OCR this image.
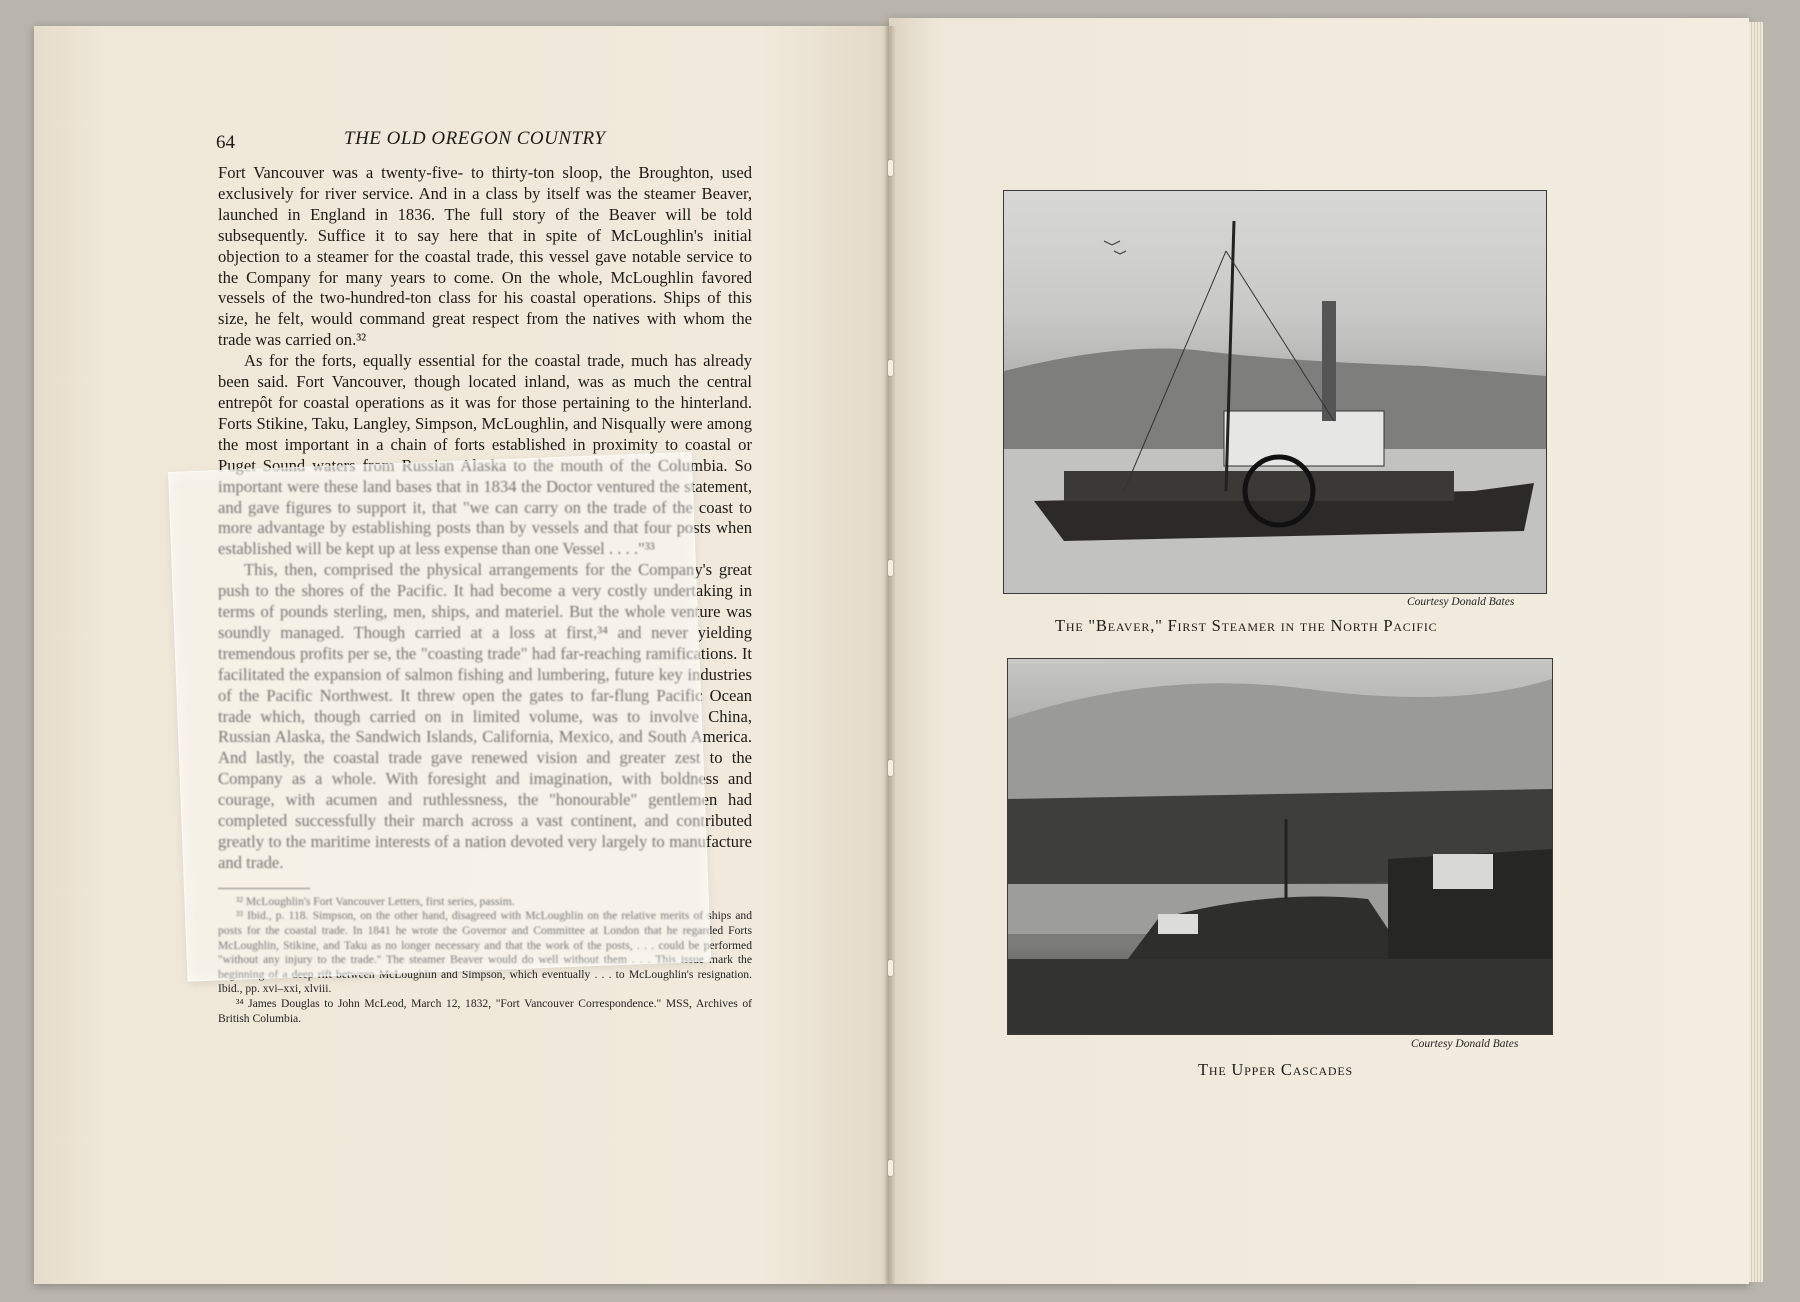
64	THE OLD OREGON COUNTRY

Fort Vancouver was a twenty-five- to thirty-ton sloop, the Broughton, used exclusively for river service. And in a class by itself was the steamer Beaver, launched in England in 1836. The full story of the Beaver will be told subsequently. Suffice it to say here that in spite of McLoughlin's initial objection to a steamer for the coastal trade, this vessel gave notable service to the Company for many years to come. On the whole, McLoughlin favored vessels of the two-hundred-ton class for his coastal operations. Ships of this size, he felt, would command great respect from the natives with whom the trade was carried on.³²

As for the forts, equally essential for the coastal trade, much has already been said. Fort Vancouver, though located inland, was as much the central entrepôt for coastal operations as it was for those pertaining to the hinterland. Forts Stikine, Taku, Langley, Simpson, McLoughlin, and Nisqually were among the most important in a chain of forts established in proximity to coastal or Puget Sound waters from Russian Alaska to the mouth of the Columbia. So important were these land bases that in 1834 the Doctor ventured the statement, and gave figures to support it, that "we can carry on the trade of the coast to more advantage by establishing posts than by vessels and that four posts when established will be kept up at less expense than one Vessel . . . ."³³

This, then, comprised the physical arrangements for the Company's great push to the shores of the Pacific. It had become a very costly undertaking in terms of pounds sterling, men, ships, and materiel. But the whole venture was soundly managed. Though carried at a loss at first,³⁴ and never yielding tremendous profits per se, the "coasting trade" had far-reaching ramifications. It facilitated the expansion of salmon fishing and lumbering, future key industries of the Pacific Northwest. It threw open the gates to far-flung Pacific Ocean trade which, though carried on in limited volume, was to involve China, Russian Alaska, the Sandwich Islands, California, Mexico, and South America. And lastly, the coastal trade gave renewed vision and greater zest to the Company as a whole. With foresight and imagination, with boldness and courage, with acumen and ruthlessness, the "honourable" gentlemen had completed successfully their march across a vast continent, and contributed greatly to the maritime interests of a nation devoted very largely to manufacture and trade.

³² McLoughlin's Fort Vancouver Letters, first series, passim.

³³ Ibid., p. 118. Simpson, on the other hand, disagreed with McLoughlin on the relative merits of ships and posts for the coastal trade. In 1841 he wrote the Governor and Committee at London that he regarded Forts McLoughlin, Stikine, and Taku as no longer necessary and that the work of the posts, . . . could be performed "without any injury to the trade." The steamer Beaver would do well without them . . . This issue mark the beginning of a deep rift between McLoughlin and Simpson, which eventually . . . to McLoughlin's resignation. Ibid., pp. xvi–xxi, xlviii.

³⁴ James Douglas to John McLeod, March 12, 1832, "Fort Vancouver Correspondence." MSS, Archives of British Columbia.

Courtesy Donald Bates
The "Beaver," First Steamer in the North Pacific
Courtesy Donald Bates
The Upper Cascades
